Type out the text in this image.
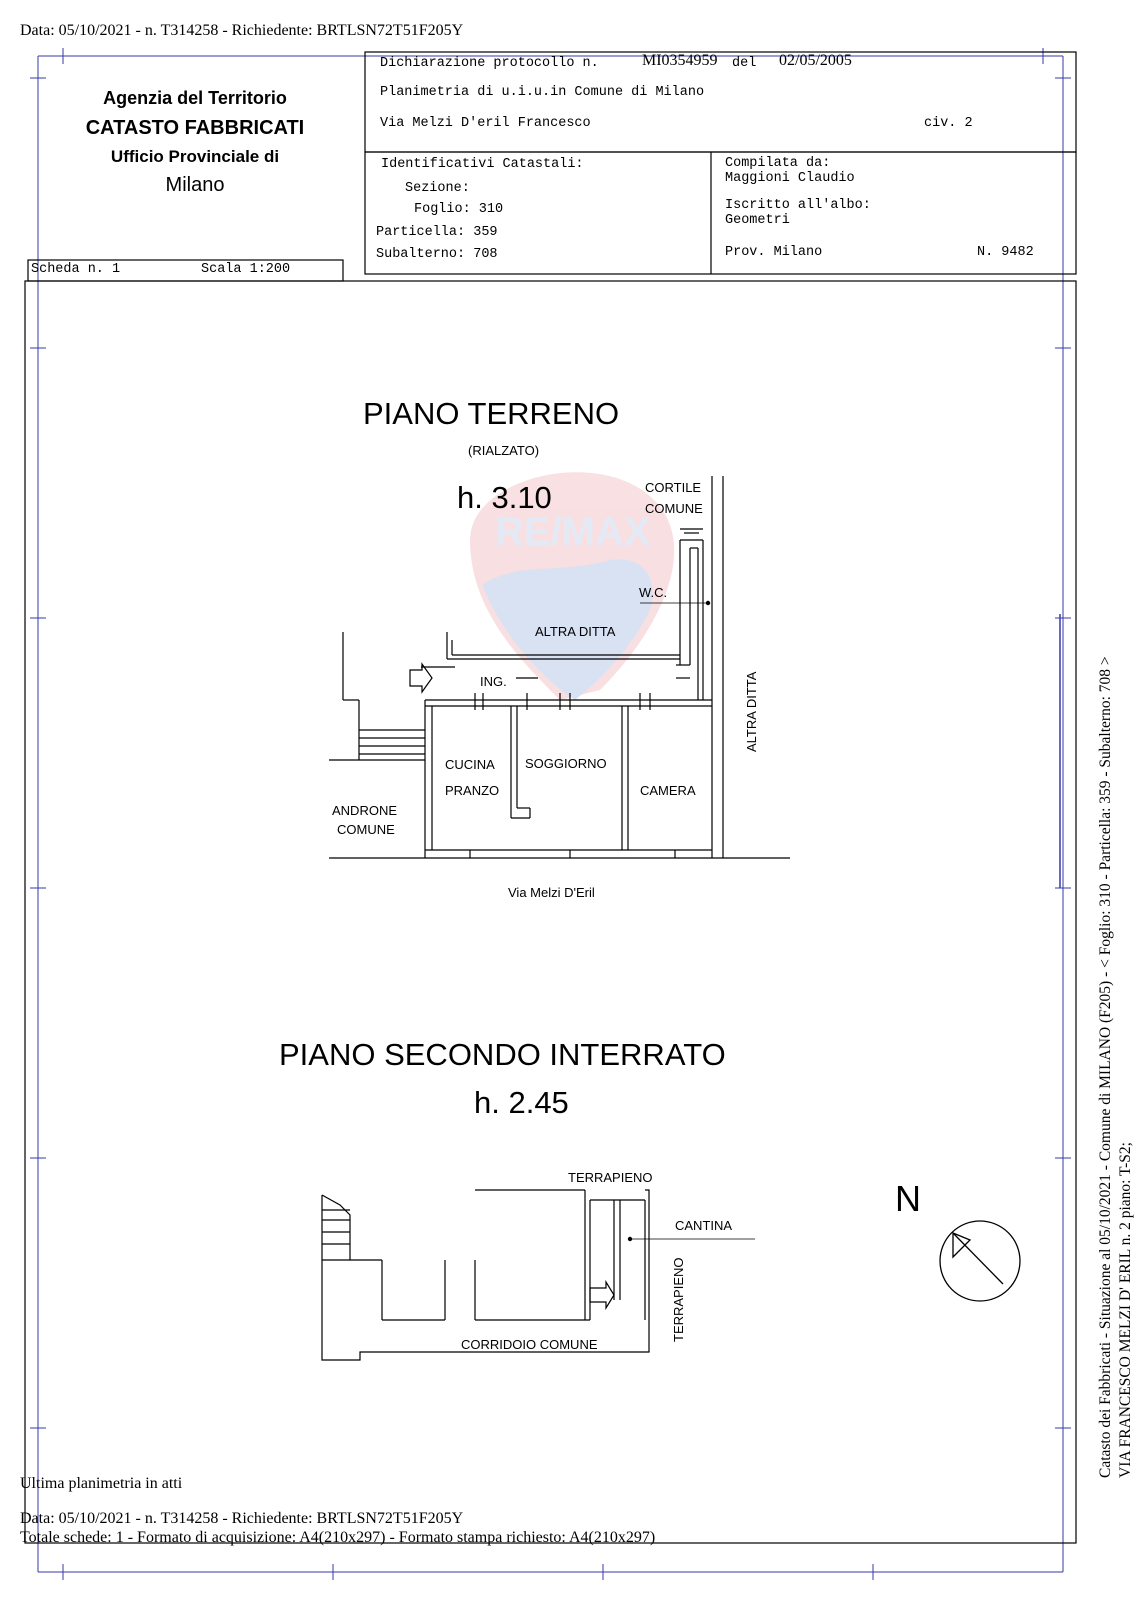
RE/MAX
Data: 05/10/2021 - n. T314258 - Richiedente: BRTLSN72T51F205Y
Agenzia del Territorio
CATASTO FABBRICATI
Ufficio Provinciale di
Milano
Scheda n. 1	Scala 1:200
Dichiarazione protocollo n.	MI0354959 del 02/05/2005
Planimetria di u.i.u.in Comune di Milano
Via Melzi D'eril Francesco	civ. 2
Identificativi Catastali:
Sezione:
Foglio: 310
Particella: 359
Subalterno: 708
Compilata da:
Maggioni Claudio
Iscritto all'albo:
Geometri
Prov. Milano	N. 9482
PIANO TERRENO
(RIALZATO)
h. 3.10	CORTILE
COMUNE
W.C.
ALTRA DITTA
ALTRA DITTA
ING.
CUCINA
PRANZO
SOGGIORNO
CAMERA
ANDRONE
COMUNE
Via Melzi D'Eril
PIANO SECONDO INTERRATO
h. 2.45
TERRAPIENO
CANTINA
TERRAPIENO
CORRIDOIO COMUNE
N	Catasto dei Fabbricati - Situazione al 05/10/2021 - Comune di MILANO (F205) - < Foglio: 310 - Particella: 359 - Subalterno: 708 > VIA FRANCESCO MELZI D' ERIL n. 2 piano: T-S2;
Ultima planimetria in atti
Data: 05/10/2021 - n. T314258 - Richiedente: BRTLSN72T51F205Y
Totale schede: 1 - Formato di acquisizione: A4(210x297) - Formato stampa richiesto: A4(210x297)
